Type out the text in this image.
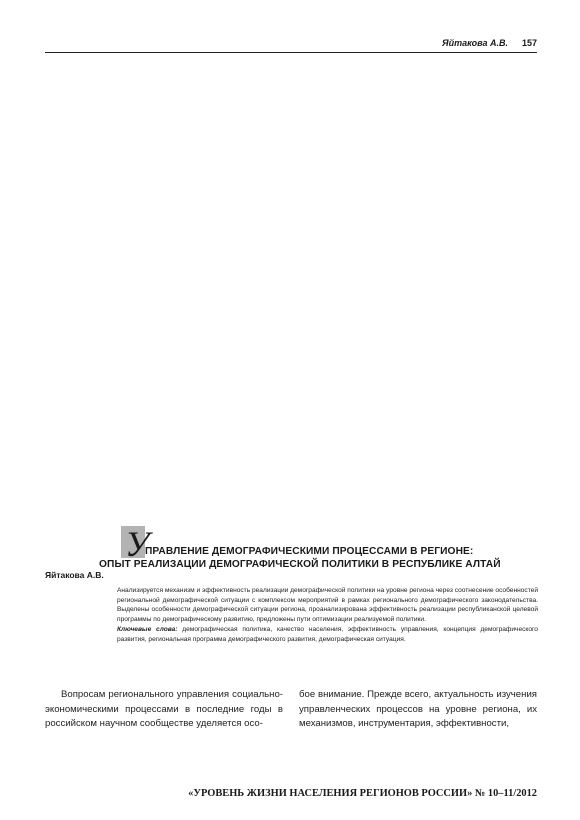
Яйтакова А.В. 157
У
ПРАВЛЕНИЕ ДЕМОГРАФИЧЕСКИМИ ПРОЦЕССАМИ В РЕГИОНЕ:
ОПЫТ РЕАЛИЗАЦИИ ДЕМОГРАФИЧЕСКОЙ ПОЛИТИКИ В РЕСПУБЛИКЕ АЛТАЙ
Яйтакова А.В.

Анализируется механизм и эффективность реализации демографической политики на уровне региона через соотнесение особенностей региональной демографической ситуации с комплексом мероприятий в рамках регионального демографического законодательства. Выделены особенности демографической ситуации региона, проанализирована эффективность реализации республиканской целевой программы по демографическому развитию, предложены пути оптимизации реализуемой политики.

Ключевые слова: демографическая политика, качество населения, эффективность управления, концепция демографического развития, региональная программа демографического развития, демографическая ситуация.

Вопросам регионального управления социально-экономическими процессами в последние годы в российском научном сообществе уделяется осо-

бое внимание. Прежде всего, актуальность изучения управленческих процессов на уровне региона, их механизмов, инструментария, эффективности,

«УРОВЕНЬ ЖИЗНИ НАСЕЛЕНИЯ РЕГИОНОВ РОССИИ» № 10–11/2012
